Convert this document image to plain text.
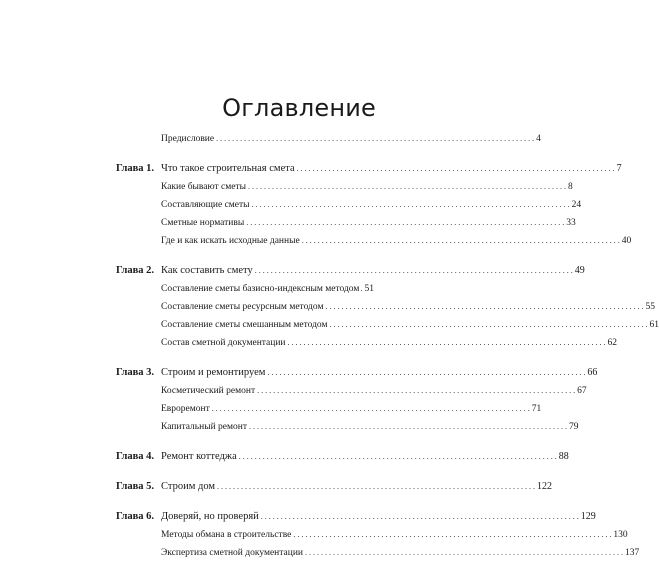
Оглавление
Предисловие . . .	4
Глава 1. Что такое строительная смета . . .	7
Какие бывают сметы . . .	8
Составляющие сметы . . .	24
Сметные нормативы . . .	33
Где и как искать исходные данные . . .	40
Глава 2. Как составить смету . . .	49
Составление сметы базисно-индексным методом . . . 51
Составление сметы ресурсным методом . . .	55
Составление сметы смешанным методом . . .	61
Состав сметной документации . . .	62
Глава 3. Строим и ремонтируем . . .	66
Косметический ремонт . . .	67
Евроремонт . . .	71
Капитальный ремонт . . .	79
Глава 4. Ремонт коттеджа . . .	88
Глава 5. Строим дом . . .	122
Глава 6. Доверяй, но проверяй . . .	129
Методы обмана в строительстве . . .	130
Экспертиза сметной документации . . .	137
